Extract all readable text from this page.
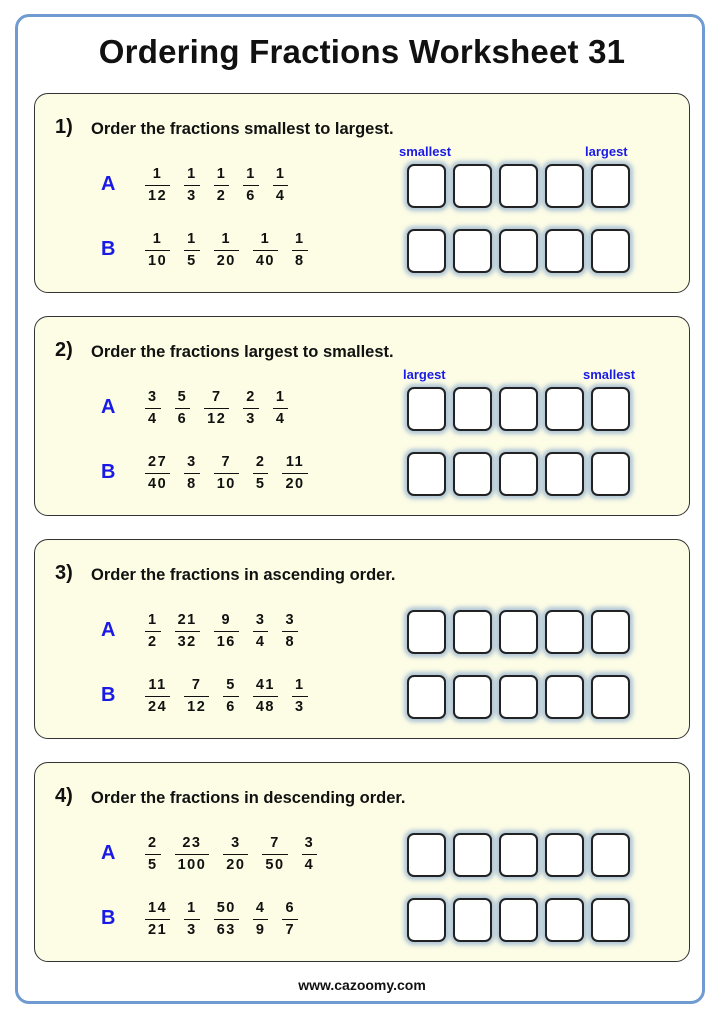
Ordering Fractions Worksheet 31
1) Order the fractions smallest to largest.
smallest	largest
A $\frac{1}{12} \frac{1}{3} \frac{1}{2} \frac{1}{6} \frac{1}{4}$
B $\frac{1}{10} \frac{1}{5} \frac{1}{20} \frac{1}{40} \frac{1}{8}$
2) Order the fractions largest to smallest.
largest	smallest
A $\frac{3}{4} \frac{5}{6} \frac{7}{12} \frac{2}{3} \frac{1}{4}$
B $\frac{27}{40} \frac{3}{8} \frac{7}{10} \frac{2}{5} \frac{11}{20}$
3) Order the fractions in ascending order.
A $\frac{1}{2} \frac{21}{32} \frac{9}{16} \frac{3}{4} \frac{3}{8}$
B $\frac{11}{24} \frac{7}{12} \frac{5}{6} \frac{41}{48} \frac{1}{3}$
4) Order the fractions in descending order.
A $\frac{2}{5} \frac{23}{100} \frac{3}{20} \frac{7}{50} \frac{3}{4}$
B $\frac{14}{21} \frac{1}{3} \frac{50}{63} \frac{4}{9} \frac{6}{7}$
www.cazoomy.com
